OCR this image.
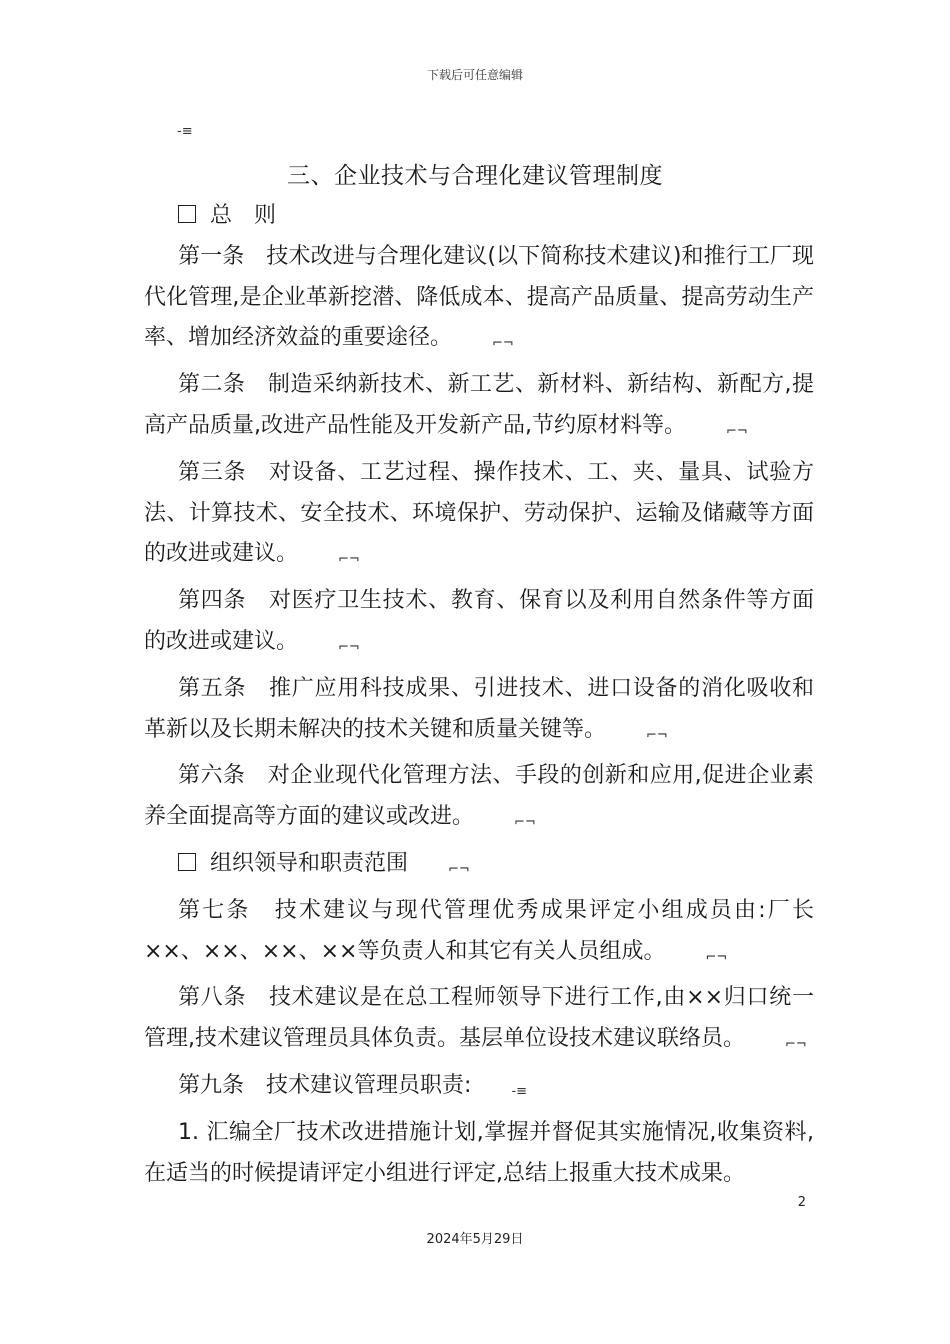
下载后可任意编辑
-≡
三、企业技术与合理化建议管理制度

总　则

第一条 技术改进与合理化建议(以下简称技术建议)和推行工厂现代化管理,是企业革新挖潜、降低成本、提高产品质量、提高劳动生产率、增加经济效益的重要途径。	⌐¬

第二条 制造采纳新技术、新工艺、新材料、新结构、新配方,提高产品质量,改进产品性能及开发新产品,节约原材料等。	⌐¬

第三条 对设备、工艺过程、操作技术、工、夹、量具、试验方法、计算技术、安全技术、环境保护、劳动保护、运输及储藏等方面的改进或建议。	⌐¬

第四条 对医疗卫生技术、教育、保育以及利用自然条件等方面的改进或建议。	⌐¬

第五条 推广应用科技成果、引进技术、进口设备的消化吸收和革新以及长期未解决的技术关键和质量关键等。	⌐¬

第六条 对企业现代化管理方法、手段的创新和应用,促进企业素养全面提高等方面的建议或改进。	⌐¬

组织领导和职责范围	⌐¬

第七条 技术建议与现代管理优秀成果评定小组成员由:厂长××、××、××、××等负责人和其它有关人员组成。	⌐¬

第八条 技术建议是在总工程师领导下进行工作,由××归口统一管理,技术建议管理员具体负责。基层单位设技术建议联络员。	⌐¬

第九条 技术建议管理员职责:	-≡

1. 汇编全厂技术改进措施计划,掌握并督促其实施情况,收集资料,在适当的时候提请评定小组进行评定,总结上报重大技术成果。

2
2024年5月29日
